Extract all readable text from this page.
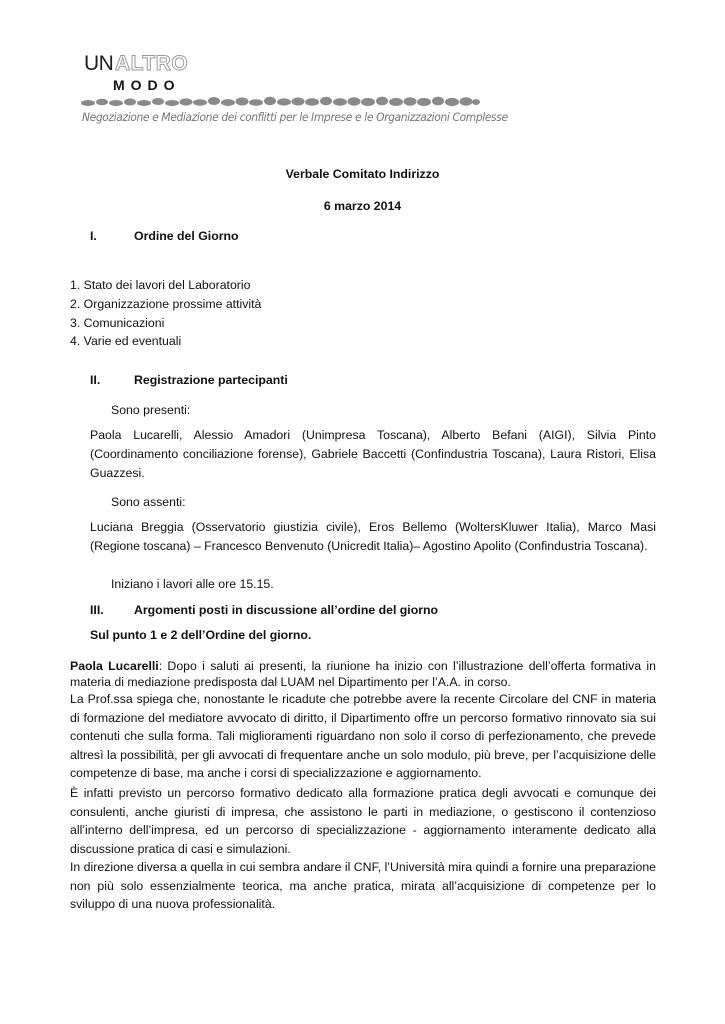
UN ALTRO
MODO
Negoziazione e Mediazione dei conflitti per le Imprese e le Organizzazioni Complesse
Verbale Comitato Indirizzo
6 marzo 2014
I.	Ordine del Giorno
1. Stato dei lavori del Laboratorio
2. Organizzazione prossime attività
3. Comunicazioni
4. Varie ed eventuali
II.	Registrazione partecipanti
Sono presenti:
Paola Lucarelli, Alessio Amadori (Unimpresa Toscana), Alberto Befani (AIGI), Silvia Pinto (Coordinamento conciliazione forense), Gabriele Baccetti (Confindustria Toscana), Laura Ristori, Elisa Guazzesi.
Sono assenti:
Luciana Breggia (Osservatorio giustizia civile), Eros Bellemo (WoltersKluwer Italia), Marco Masi (Regione toscana) – Francesco Benvenuto (Unicredit Italia)– Agostino Apolito (Confindustria Toscana).
Iniziano i lavori alle ore 15.15.
III. Argomenti posti in discussione all’ordine del giorno
Sul punto 1 e 2 dell’Ordine del giorno.
Paola Lucarelli: Dopo i saluti ai presenti, la riunione ha inizio con l’illustrazione dell’offerta formativa in materia di mediazione predisposta dal LUAM nel Dipartimento per l’A.A. in corso.
La Prof.ssa spiega che, nonostante le ricadute che potrebbe avere la recente Circolare del CNF in materia di formazione del mediatore avvocato di diritto, il Dipartimento offre un percorso formativo rinnovato sia sui contenuti che sulla forma. Tali miglioramenti riguardano non solo il corso di perfezionamento, che prevede altresì la possibilità, per gli avvocati di frequentare anche un solo modulo, più breve, per l’acquisizione delle competenze di base, ma anche i corsi di specializzazione e aggiornamento.
È infatti previsto un percorso formativo dedicato alla formazione pratica degli avvocati e comunque dei consulenti, anche giuristi di impresa, che assistono le parti in mediazione, o gestiscono il contenzioso all’interno dell’impresa, ed un percorso di specializzazione - aggiornamento interamente dedicato alla discussione pratica di casi e simulazioni.
In direzione diversa a quella in cui sembra andare il CNF, l’Università mira quindi a fornire una preparazione non più solo essenzialmente teorica, ma anche pratica, mirata all’acquisizione di competenze per lo sviluppo di una nuova professionalità.
